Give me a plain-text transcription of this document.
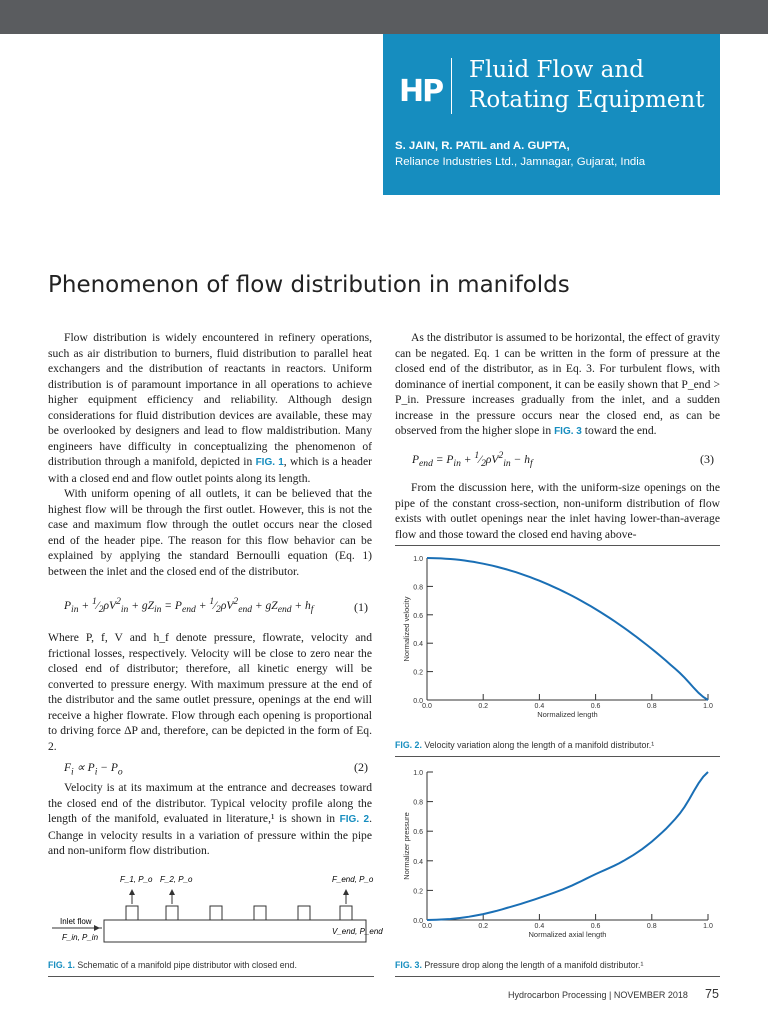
HP
Fluid Flow and
Rotating Equipment
S. JAIN, R. PATIL and A. GUPTA,
Reliance Industries Ltd., Jamnagar, Gujarat, India
Phenomenon of flow distribution in manifolds

Flow distribution is widely encountered in refinery operations, such as air distribution to burners, fluid distribution to parallel heat exchangers and the distribution of reactants in reactors. Uniform distribution is of paramount importance in all operations to achieve higher equipment efficiency and reliability. Although design considerations for fluid distribution devices are available, these may be overlooked by designers and lead to flow maldistribution. Many engineers have difficulty in conceptualizing the phenomenon of distribution through a manifold, depicted in FIG. 1, which is a header with a closed end and flow outlet points along its length.

With uniform opening of all outlets, it can be believed that the highest flow will be through the first outlet. However, this is not the case and maximum flow through the outlet occurs near the closed end of the header pipe. The reason for this flow behavior can be explained by applying the standard Bernoulli equation (Eq. 1) between the inlet and the closed end of the distributor.

$P_{in}$ + $^1⁄_2\rho V^2_{in} + gZ_{in} = P_{end}$ + $^1⁄_2\rho V^2_{end} + gZ_{end} + h_f$	(1)

Where P, f, V and h_f denote pressure, flowrate, velocity and frictional losses, respectively. Velocity will be close to zero near the closed end of distributor; therefore, all kinetic energy will be converted to pressure energy. With maximum pressure at the end of the distributor and the same outlet pressure, openings at the end will receive a higher flowrate. Flow through each opening is proportional to driving force ΔP and, therefore, can be depicted in the form of Eq. 2.

$F_i \propto P_i - P_o$	(2)

Velocity is at its maximum at the entrance and decreases toward the closed end of the distributor. Typical velocity profile along the length of the manifold, evaluated in literature,¹ is shown in FIG. 2. Change in velocity results in a variation of pressure within the pipe and non-uniform flow distribution.

F_1, P_o F_2, P_o	F_end, P_o
Inlet flow
F_in, P_in
V_end, P_end
FIG. 1. Schematic of a manifold pipe distributor with closed end.

As the distributor is assumed to be horizontal, the effect of gravity can be negated. Eq. 1 can be written in the form of pressure at the closed end of the distributor, as in Eq. 3. For turbulent flows, with dominance of inertial component, it can be easily shown that P_end > P_in. Pressure increases gradually from the inlet, and a sudden increase in the pressure occurs near the closed end, as can be observed from the higher slope in FIG. 3 toward the end.

$P_{end} = P_{in}$ + $^1⁄_2\rho V^2_{in} - h_f$	(3)

From the discussion here, with the uniform-size openings on the pipe of the constant cross-section, non-uniform distribution of flow exists with outlet openings near the inlet having lower-than-average flow and those toward the closed end having above-

0.0
0.2
0.4
0.6
0.8
1.0
0.0	0.2	0.4	0.6	0.8	1.0
Normalized length
Normalized velocity
FIG. 2. Velocity variation along the length of a manifold distributor.¹
0.0
0.2
0.4
0.6
0.8
1.0
0.0	0.2	0.4	0.6	0.8	1.0
Normalized axial length
Normalizer pressure
FIG. 3. Pressure drop along the length of a manifold distributor.¹
Hydrocarbon Processing | NOVEMBER 2018 75
